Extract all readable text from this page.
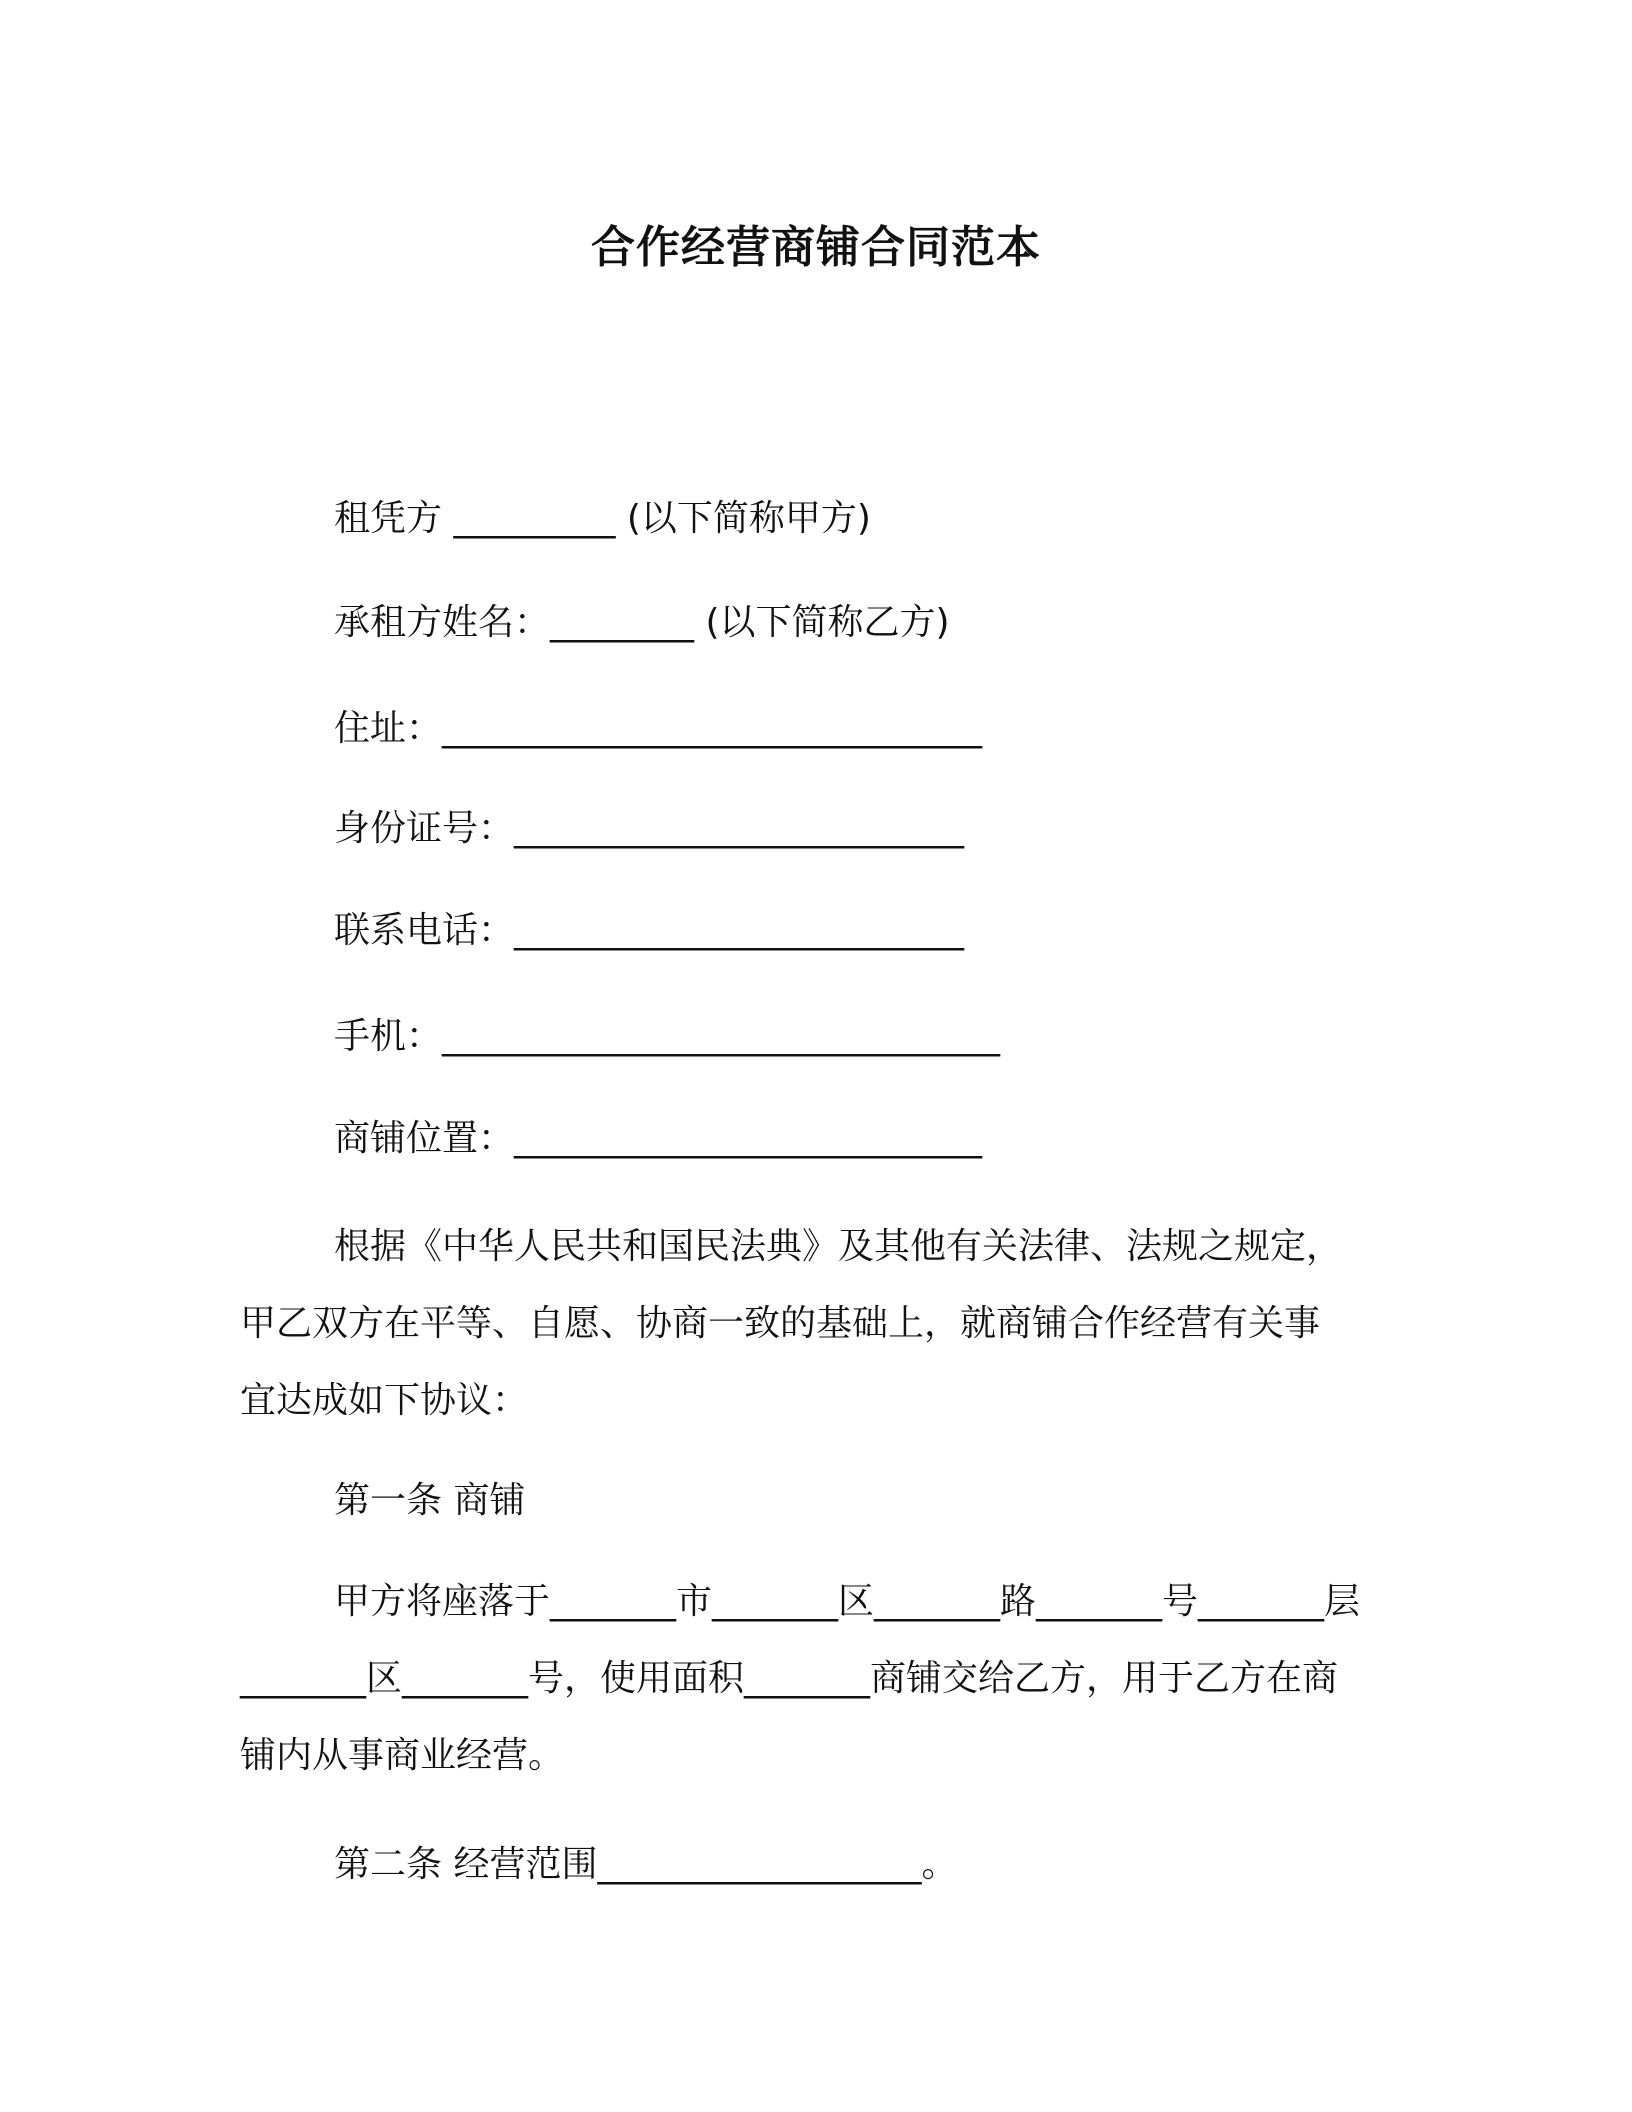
合作经营商铺合同范本
租凭方 _________ (以下简称甲方)
承租方姓名：________ (以下简称乙方)
住址：______________________________
身份证号：_________________________
联系电话：_________________________
手机：_______________________________
商铺位置：__________________________
根据《中华人民共和国民法典》及其他有关法律、法规之规定，
甲乙双方在平等、自愿、协商一致的基础上，就商铺合作经营有关事
宜达成如下协议：
第一条 商铺
甲方将座落于_______市_______区_______路_______号_______层
_______区_______号，使用面积_______商铺交给乙方，用于乙方在商
铺内从事商业经营。
第二条 经营范围__________________。
